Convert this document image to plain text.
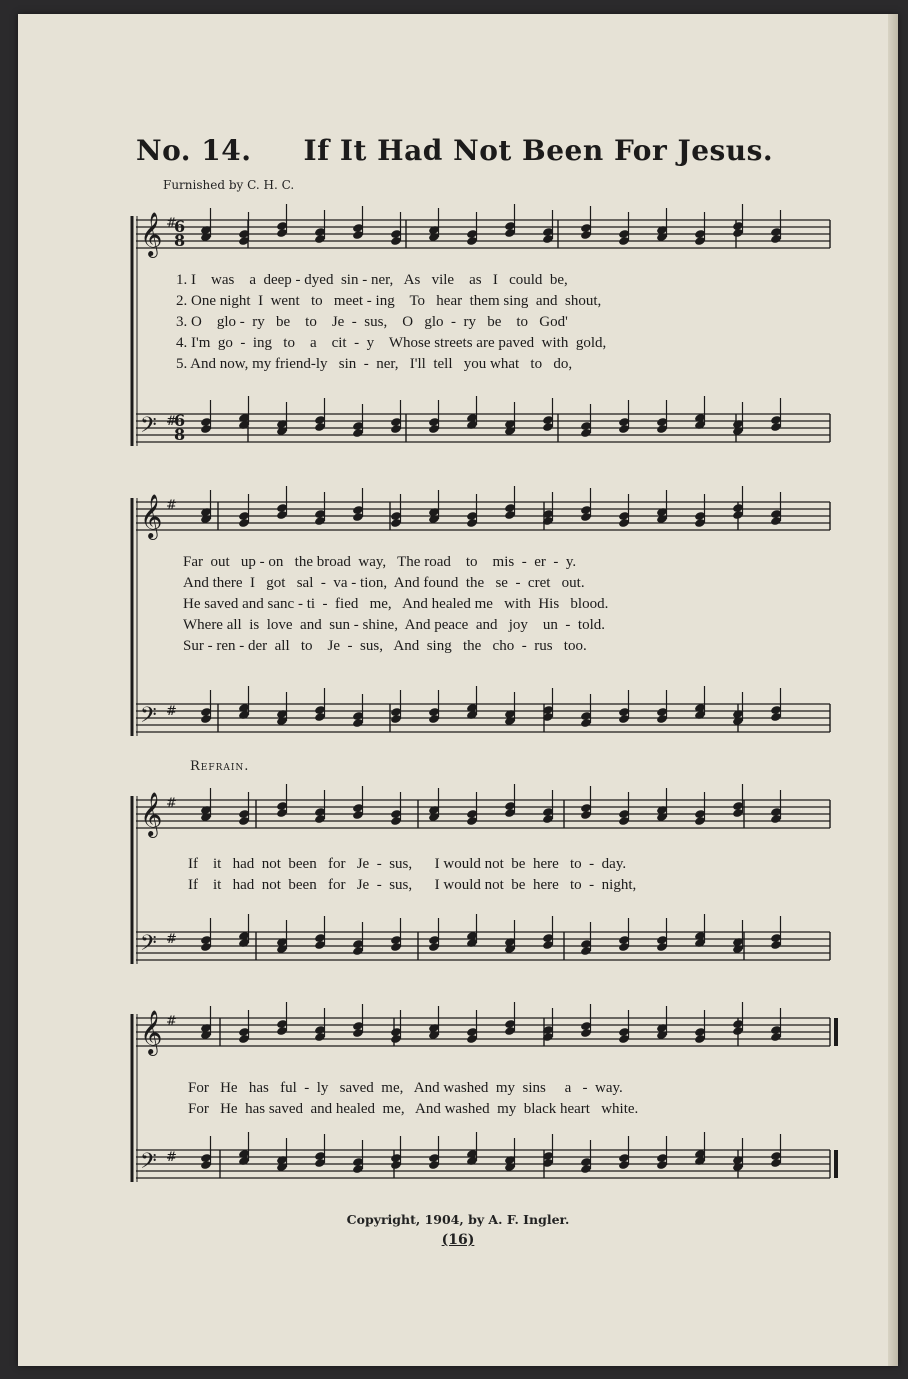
No. 14. If It Had Not Been For Jesus.
Furnished by C. H. C.
𝄞 #
𝄢 #
6
6
8
8
𝄞 #
𝄢 #
𝄞 #
𝄢 #
𝄞 #
𝄢 #
1. I    was    a  deep - dyed  sin - ner,   As   vile    as   I   could  be,
2. One night  I  went   to   meet - ing    To   hear  them sing  and  shout,
3. O    glo -  ry   be    to    Je  -  sus,    O   glo  -  ry   be    to   God'
4. I'm  go  -  ing   to    a    cit  -  y    Whose streets are paved  with  gold,
5. And now, my friend-ly   sin  -  ner,   I'll  tell   you what   to   do,
Far  out   up - on   the broad  way,   The road    to    mis  -  er  -  y.
And there  I   got   sal  -  va - tion,  And found  the   se  -  cret   out.
He saved and sanc - ti  -  fied   me,   And healed me   with  His   blood.
Where all  is  love  and  sun - shine,  And peace  and   joy    un  -  told.
Sur - ren - der  all   to    Je  -  sus,   And  sing   the   cho  -  rus   too.
Refrain.
If    it   had  not  been   for   Je  -  sus,      I would not  be  here   to  -  day.
If    it   had  not  been   for   Je  -  sus,      I would not  be  here   to  -  night,
For   He   has   ful  -  ly   saved  me,   And washed  my  sins     a   -  way.
For   He  has saved  and healed  me,   And washed  my  black heart   white.
Copyright, 1904, by A. F. Ingler.
(16)
